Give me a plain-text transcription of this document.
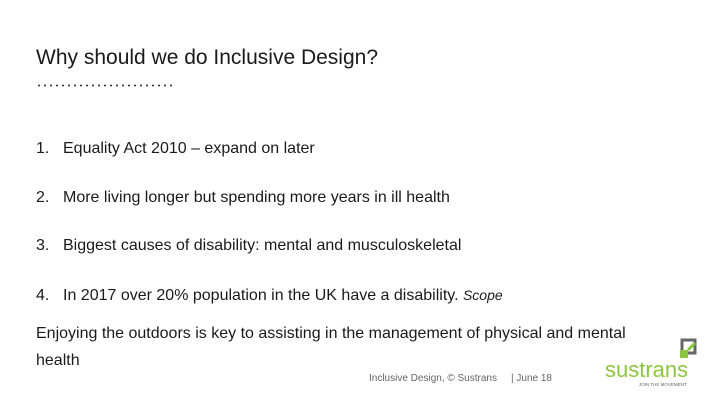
Why should we do Inclusive Design?
1. Equality Act 2010 – expand on later
2. More living longer but spending more years in ill health
3. Biggest causes of disability: mental and musculoskeletal
4. In 2017 over 20% population in the UK have a disability. Scope

Enjoying the outdoors is key to assisting in the management of physical and mental health

Inclusive Design, © Sustrans | June 18 sustrans
JOIN THE MOVEMENT
